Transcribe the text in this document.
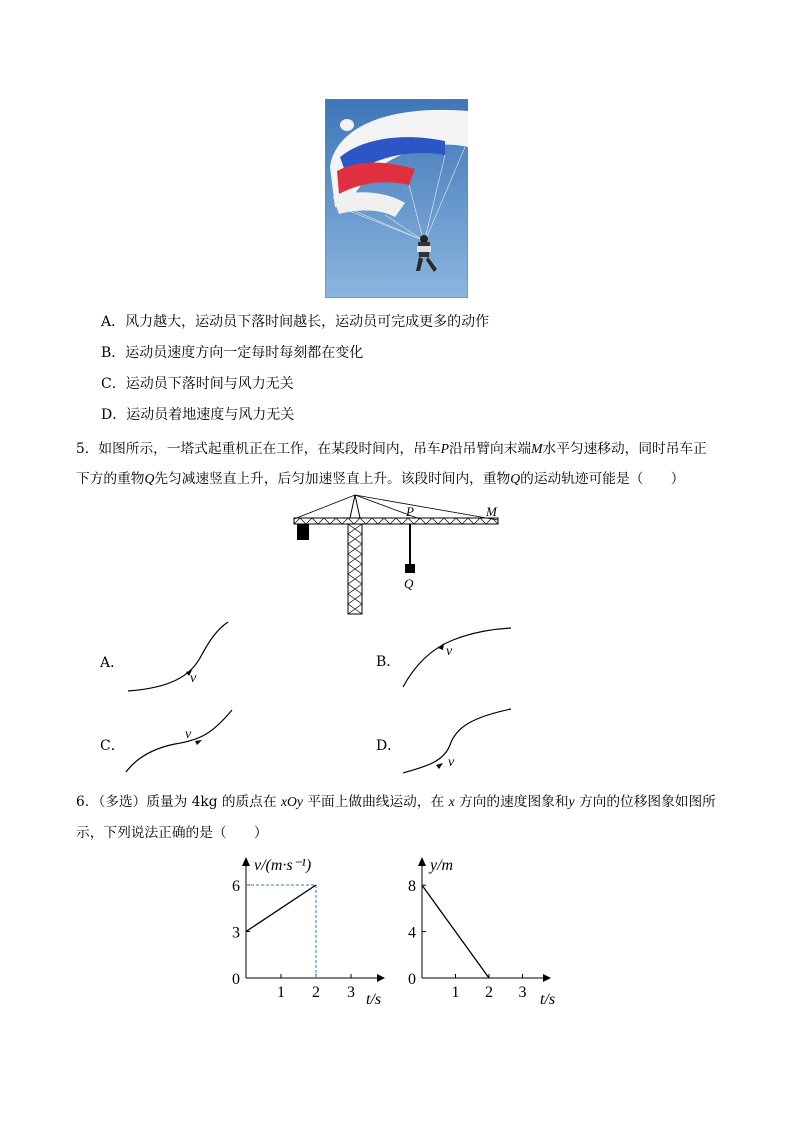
A．风力越大，运动员下落时间越长，运动员可完成更多的动作
B．运动员速度方向一定每时每刻都在变化
C．运动员下落时间与风力无关
D．运动员着地速度与风力无关
5．如图所示，一塔式起重机正在工作，在某段时间内，吊车P沿吊臂向末端M水平匀速移动，同时吊车正
下方的重物Q先匀减速竖直上升，后匀加速竖直上升。该段时间内，重物Q的运动轨迹可能是（　　）
P	M
Q
A．
v
B．
v
C．
v
D．
v
6．（多选）质量为 4kg 的质点在 xOy 平面上做曲线运动，在 x 方向的速度图象和y 方向的位移图象如图所
示，下列说法正确的是（　　）
1 2 3
0
3
6
v/(m·s⁻¹)
t/s	1 2 3
0
4
8
y/m
t/s
